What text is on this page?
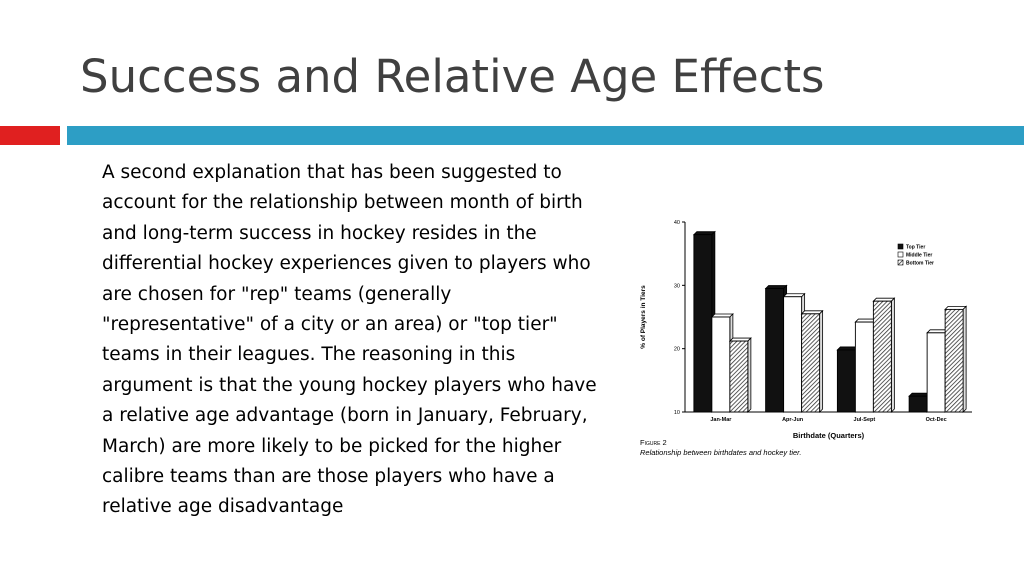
Success and Relative Age Effects

A second explanation that has been suggested to account for the relationship between month of birth and long-term success in hockey resides in the differential hockey experiences given to players who are chosen for "rep" teams (generally "representative" of a city or an area) or "top tier" teams in their leagues. The reasoning in this argument is that the young hockey players who have a relative age advantage (born in January, February, March) are more likely to be picked for the higher calibre teams than are those players who have a relative age disadvantage

10
20
30
40
% of Players in Tiers
Jan-Mar	Apr-Jun	Jul-Sept	Oct-Dec
Birthdate (Quarters)
Top Tier
Middle Tier
Bottom Tier
Figure 2
Relationship between birthdates and hockey tier.
